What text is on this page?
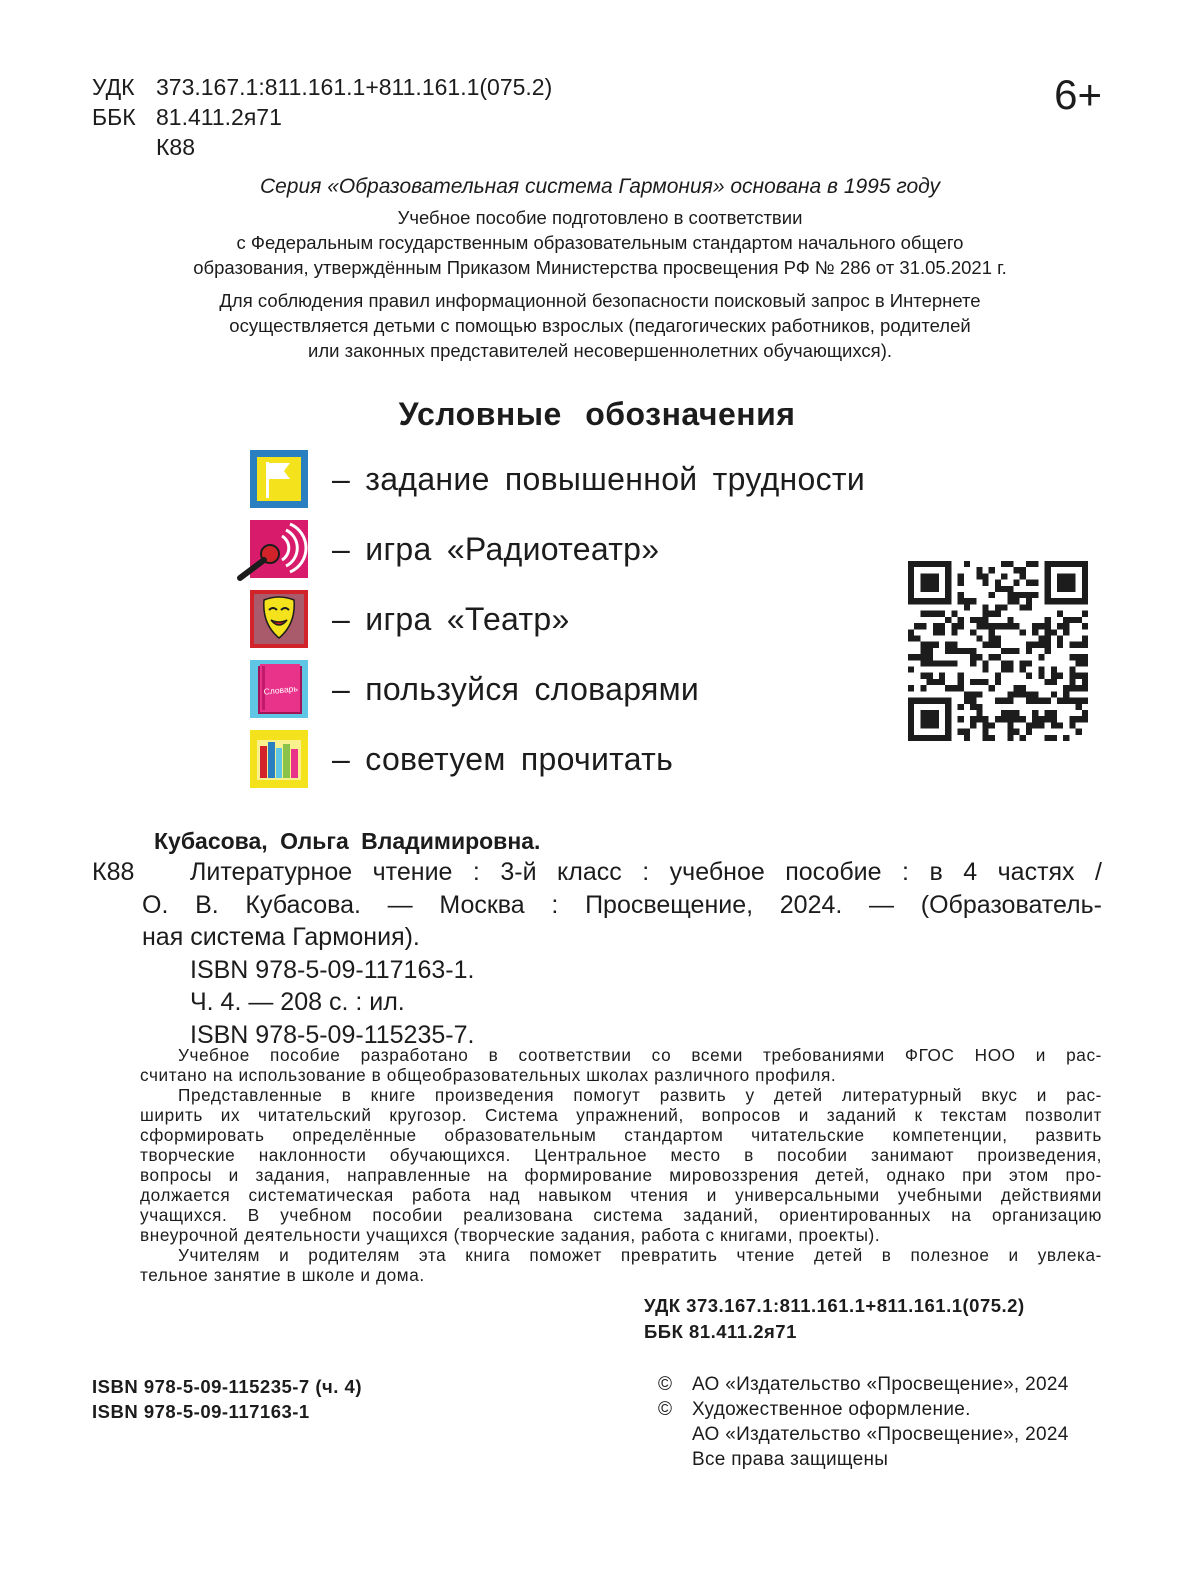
УДК 373.167.1:811.161.1+811.161.1(075.2)
ББК 81.411.2я71
К88
6+
Серия «Образовательная система Гармония» основана в 1995 году
Учебное пособие подготовлено в соответствии
с Федеральным государственным образовательным стандартом начального общего
образования, утверждённым Приказом Министерства просвещения РФ № 286 от 31.05.2021 г.
Для соблюдения правил информационной безопасности поисковый запрос в Интернете
осуществляется детьми с помощью взрослых (педагогических работников, родителей
или законных представителей несовершеннолетних обучающихся).
Условные обозначения
– задание повышенной трудности
– игра «Радиотеатр»
– игра «Театр»
Словарь – пользуйся словарями
– советуем прочитать
Кубасова, Ольга Владимировна.
К88	Литературное чтение : 3-й класс : учебное пособие : в 4 частях /
О. В. Кубасова. — Москва : Просвещение, 2024. — (Образователь-
ная система Гармония).
ISBN 978-5-09-117163-1.
Ч. 4. — 208 с. : ил.
ISBN 978-5-09-115235-7.

Учебное пособие разработано в соответствии со всеми требованиями ФГОС НОО и рас-

считано на использование в общеобразовательных школах различного профиля.

Представленные в книге произведения помогут развить у детей литературный вкус и рас-

ширить их читательский кругозор. Система упражнений, вопросов и заданий к текстам позволит

сформировать определённые образовательным стандартом читательские компетенции, развить

творческие наклонности обучающихся. Центральное место в пособии занимают произведения,

вопросы и задания, направленные на формирование мировоззрения детей, однако при этом про-

должается систематическая работа над навыком чтения и универсальными учебными действиями

учащихся. В учебном пособии реализована система заданий, ориентированных на организацию

внеурочной деятельности учащихся (творческие задания, работа с книгами, проекты).

Учителям и родителям эта книга поможет превратить чтение детей в полезное и увлека-

тельное занятие в школе и дома.

УДК 373.167.1:811.161.1+811.161.1(075.2)
ББК 81.411.2я71
ISBN 978-5-09-115235-7 (ч. 4)
ISBN 978-5-09-117163-1
©	АО «Издательство «Просвещение», 2024
©	Художественное оформление.
АО «Издательство «Просвещение», 2024
Все права защищены
